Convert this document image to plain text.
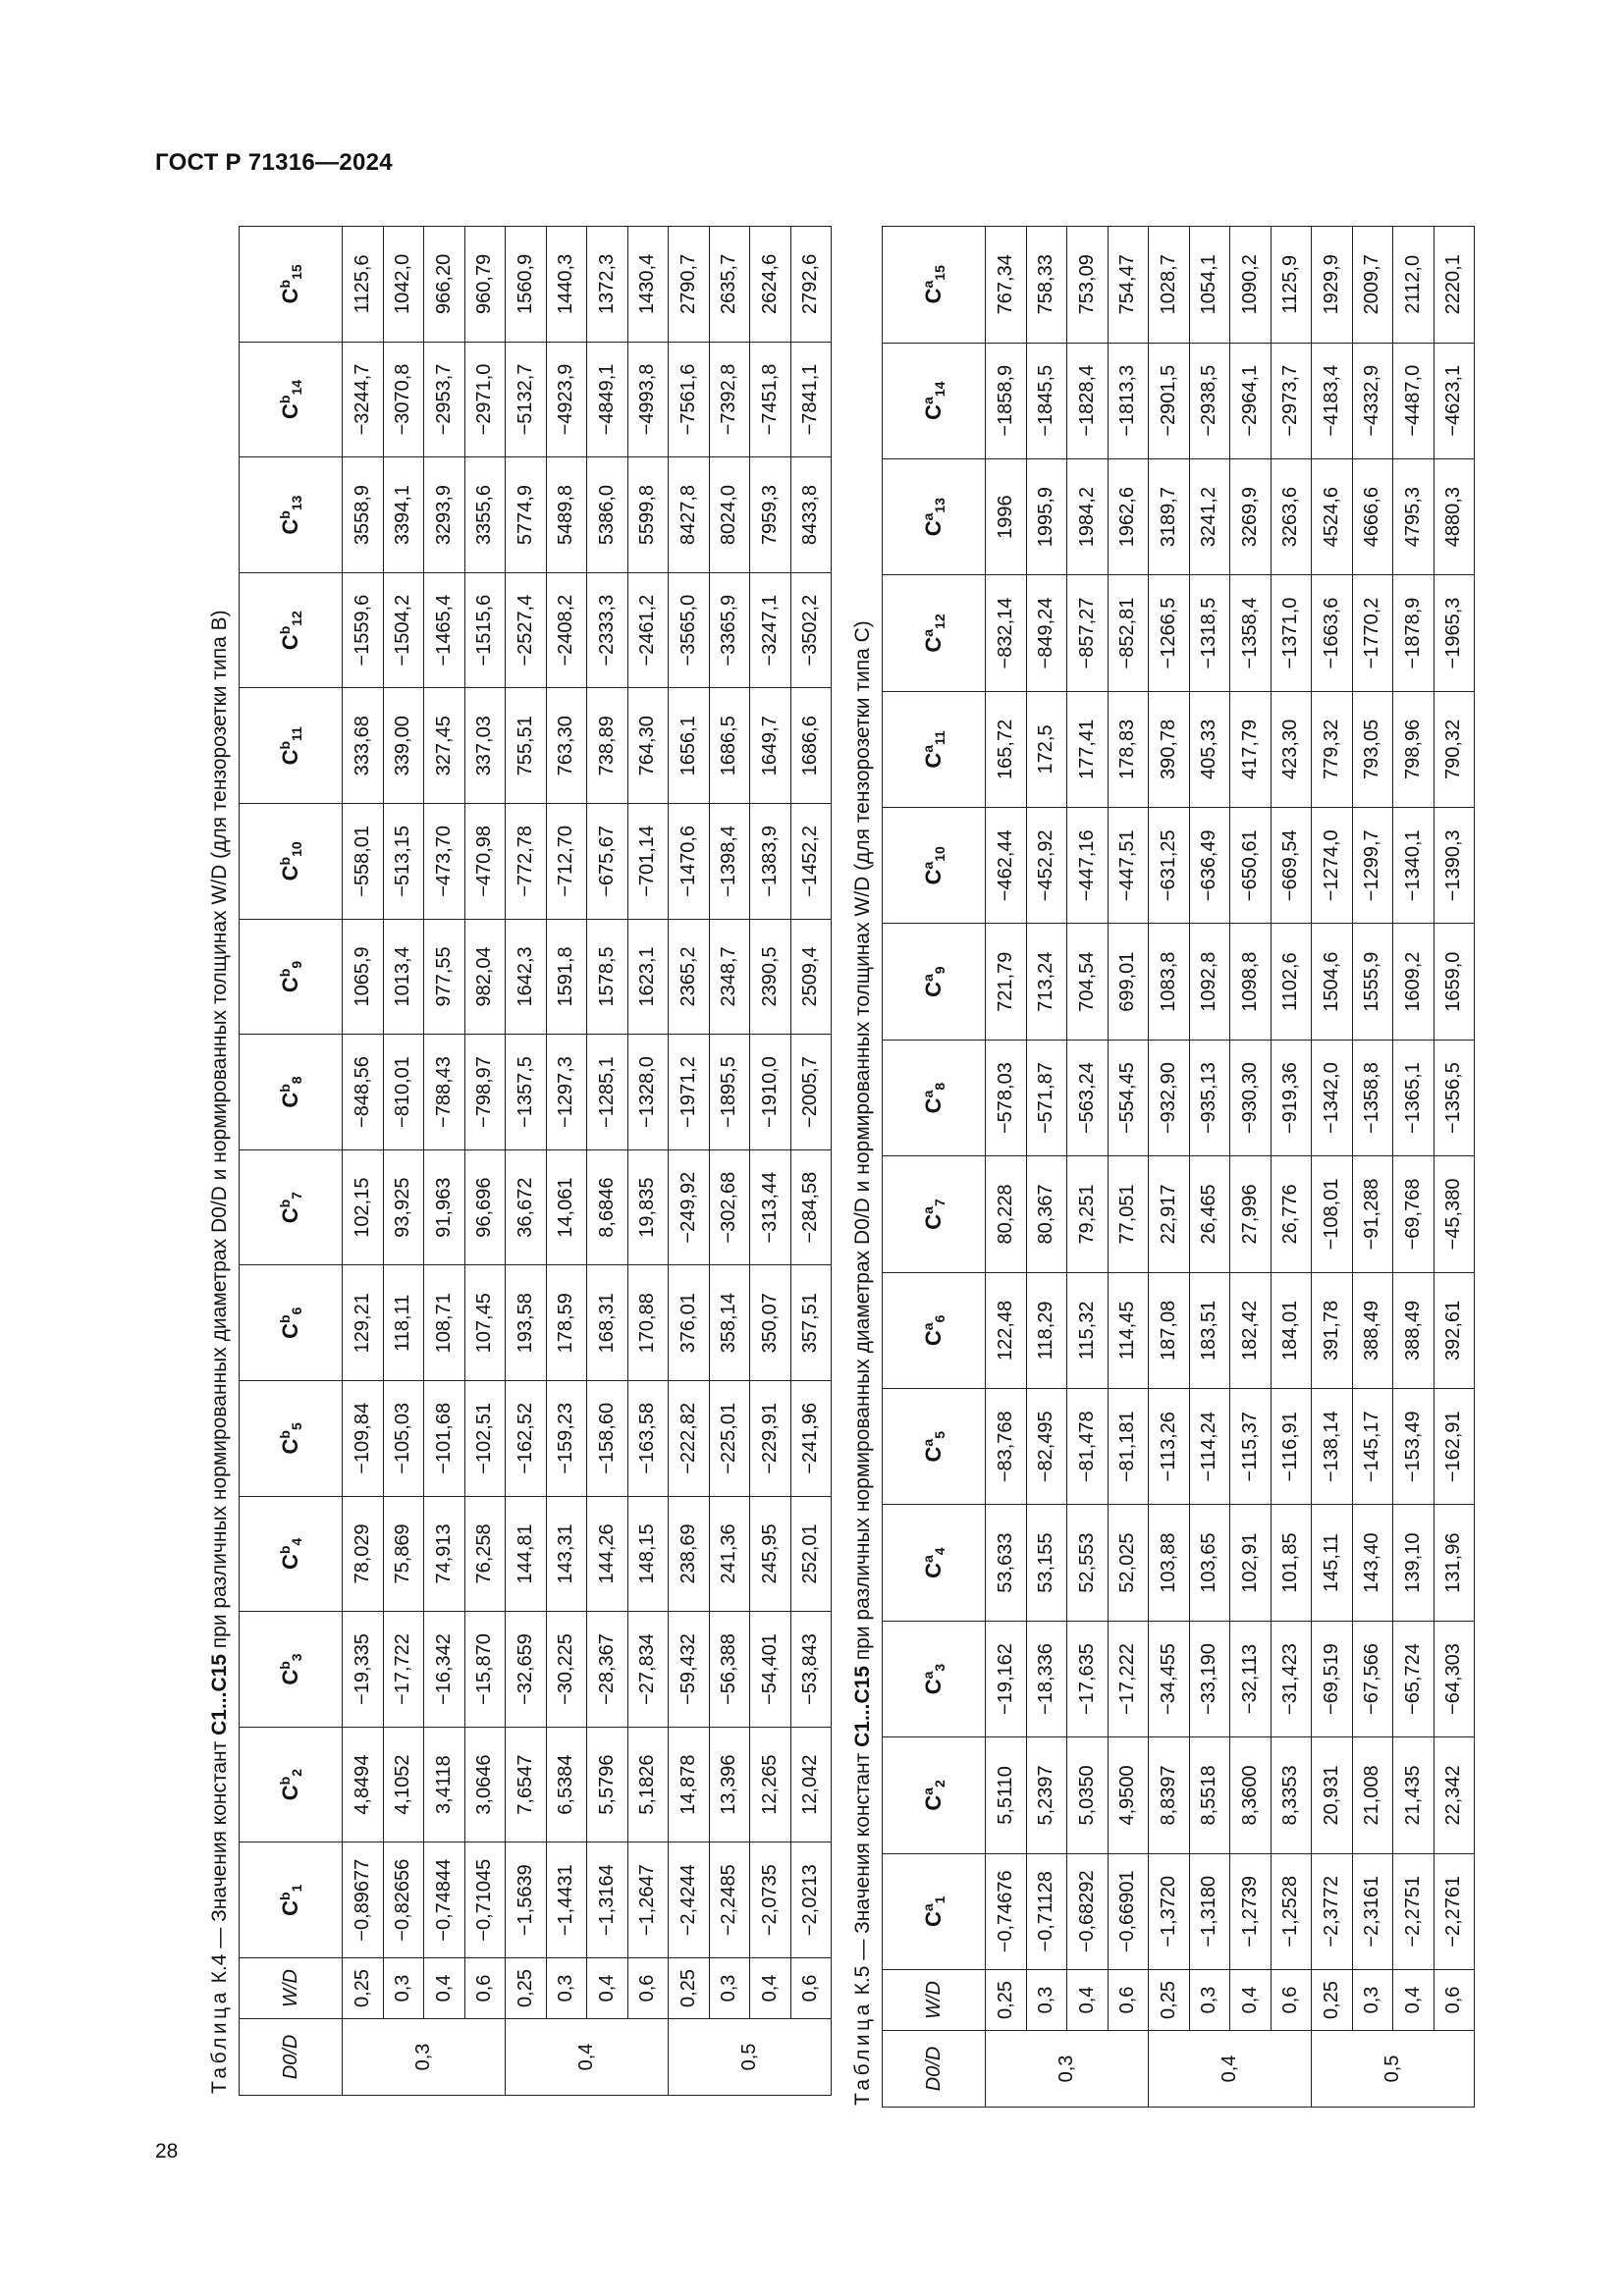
ГОСТ Р 71316—2024
Таблица К.4 — Значения констант C1...C15 при различных нормированных диаметрах D0/D и нормированных толщинах W/D (для тензорозетки типа В)
D0/D	W/D	$C^b_1$	$C^b_2$	$C^b_3$	$C^b_4$	$C^b_5$	$C^b_6$	$C^b_7$	$C^b_8$	$C^b_9$	$C^b_{10}$	$C^b_{11}$	$C^b_{12}$	$C^b_{13}$	$C^b_{14}$	$C^b_{15}$
0,3	0,25	−0,89677	4,8494	−19,335	78,029	−109,84	129,21	102,15	−848,56	1065,9	−558,01	333,68	−1559,6	3558,9	−3244,7	1125,6
	0,3	−0,82656	4,1052	−17,722	75,869	−105,03	118,11	93,925	−810,01	1013,4	−513,15	339,00	−1504,2	3394,1	−3070,8	1042,0
	0,4	−0,74844	3,4118	−16,342	74,913	−101,68	108,71	91,963	−788,43	977,55	−473,70	327,45	−1465,4	3293,9	−2953,7	966,20
	0,6	−0,71045	3,0646	−15,870	76,258	−102,51	107,45	96,696	−798,97	982,04	−470,98	337,03	−1515,6	3355,6	−2971,0	960,79
0,4	0,25	−1,5639	7,6547	−32,659	144,81	−162,52	193,58	36,672	−1357,5	1642,3	−772,78	755,51	−2527,4	5774,9	−5132,7	1560,9
	0,3	−1,4431	6,5384	−30,225	143,31	−159,23	178,59	14,061	−1297,3	1591,8	−712,70	763,30	−2408,2	5489,8	−4923,9	1440,3
	0,4	−1,3164	5,5796	−28,367	144,26	−158,60	168,31	8,6846	−1285,1	1578,5	−675,67	738,89	−2333,3	5386,0	−4849,1	1372,3
	0,6	−1,2647	5,1826	−27,834	148,15	−163,58	170,88	19,835	−1328,0	1623,1	−701,14	764,30	−2461,2	5599,8	−4993,8	1430,4
0,5	0,25	−2,4244	14,878	−59,432	238,69	−222,82	376,01	−249,92	−1971,2	2365,2	−1470,6	1656,1	−3565,0	8427,8	−7561,6	2790,7
	0,3	−2,2485	13,396	−56,388	241,36	−225,01	358,14	−302,68	−1895,5	2348,7	−1398,4	1686,5	−3365,9	8024,0	−7392,8	2635,7
	0,4	−2,0735	12,265	−54,401	245,95	−229,91	350,07	−313,44	−1910,0	2390,5	−1383,9	1649,7	−3247,1	7959,3	−7451,8	2624,6
	0,6	−2,0213	12,042	−53,843	252,01	−241,96	357,51	−284,58	−2005,7	2509,4	−1452,2	1686,6	−3502,2	8433,8	−7841,1	2792,6
Таблица К.5 — Значения констант C1...C15 при различных нормированных диаметрах D0/D и нормированных толщинах W/D (для тензорозетки типа С)
D0/D	W/D	$C^a_1$	$C^a_2$	$C^a_3$	$C^a_4$	$C^a_5$	$C^a_6$	$C^a_7$	$C^a_8$	$C^a_9$	$C^a_{10}$	$C^a_{11}$	$C^a_{12}$	$C^a_{13}$	$C^a_{14}$	$C^a_{15}$
0,3	0,25	−0,74676	5,5110	−19,162	53,633	−83,768	122,48	80,228	−578,03	721,79	−462,44	165,72	−832,14	1996	−1858,9	767,34
	0,3	−0,71128	5,2397	−18,336	53,155	−82,495	118,29	80,367	−571,87	713,24	−452,92	172,5	−849,24	1995,9	−1845,5	758,33
	0,4	−0,68292	5,0350	−17,635	52,553	−81,478	115,32	79,251	−563,24	704,54	−447,16	177,41	−857,27	1984,2	−1828,4	753,09
	0,6	−0,66901	4,9500	−17,222	52,025	−81,181	114,45	77,051	−554,45	699,01	−447,51	178,83	−852,81	1962,6	−1813,3	754,47
0,4	0,25	−1,3720	8,8397	−34,455	103,88	−113,26	187,08	22,917	−932,90	1083,8	−631,25	390,78	−1266,5	3189,7	−2901,5	1028,7
	0,3	−1,3180	8,5518	−33,190	103,65	−114,24	183,51	26,465	−935,13	1092,8	−636,49	405,33	−1318,5	3241,2	−2938,5	1054,1
	0,4	−1,2739	8,3600	−32,113	102,91	−115,37	182,42	27,996	−930,30	1098,8	−650,61	417,79	−1358,4	3269,9	−2964,1	1090,2
	0,6	−1,2528	8,3353	−31,423	101,85	−116,91	184,01	26,776	−919,36	1102,6	−669,54	423,30	−1371,0	3263,6	−2973,7	1125,9
0,5	0,25	−2,3772	20,931	−69,519	145,11	−138,14	391,78	−108,01	−1342,0	1504,6	−1274,0	779,32	−1663,6	4524,6	−4183,4	1929,9
	0,3	−2,3161	21,008	−67,566	143,40	−145,17	388,49	−91,288	−1358,8	1555,9	−1299,7	793,05	−1770,2	4666,6	−4332,9	2009,7
	0,4	−2,2751	21,435	−65,724	139,10	−153,49	388,49	−69,768	−1365,1	1609,2	−1340,1	798,96	−1878,9	4795,3	−4487,0	2112,0
	0,6	−2,2761	22,342	−64,303	131,96	−162,91	392,61	−45,380	−1356,5	1659,0	−1390,3	790,32	−1965,3	4880,3	−4623,1	2220,1
28
